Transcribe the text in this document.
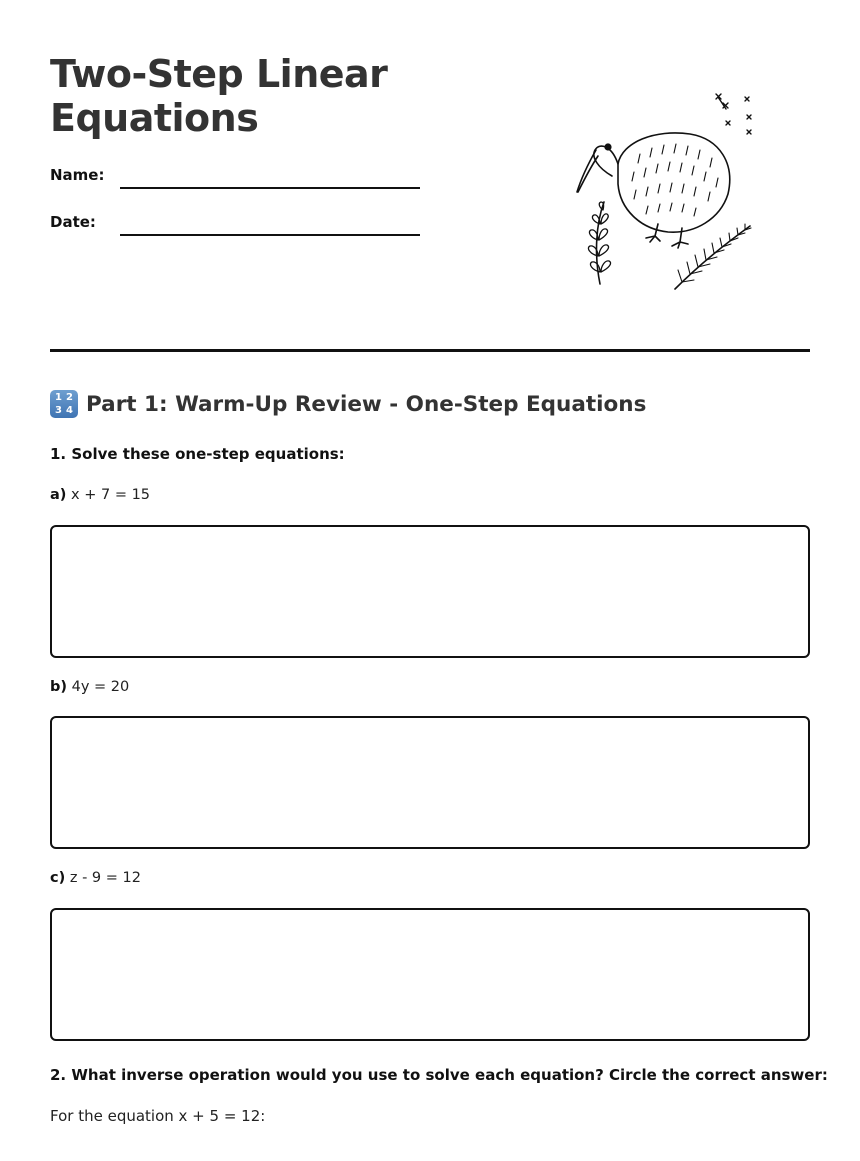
Two-Step Linear Equations
Name:
Date:
1 2
3 4 Part 1: Warm-Up Review - One-Step Equations
1. Solve these one-step equations:
a) x + 7 = 15
b) 4y = 20
c) z - 9 = 12
2. What inverse operation would you use to solve each equation? Circle the correct answer:
For the equation x + 5 = 12:
